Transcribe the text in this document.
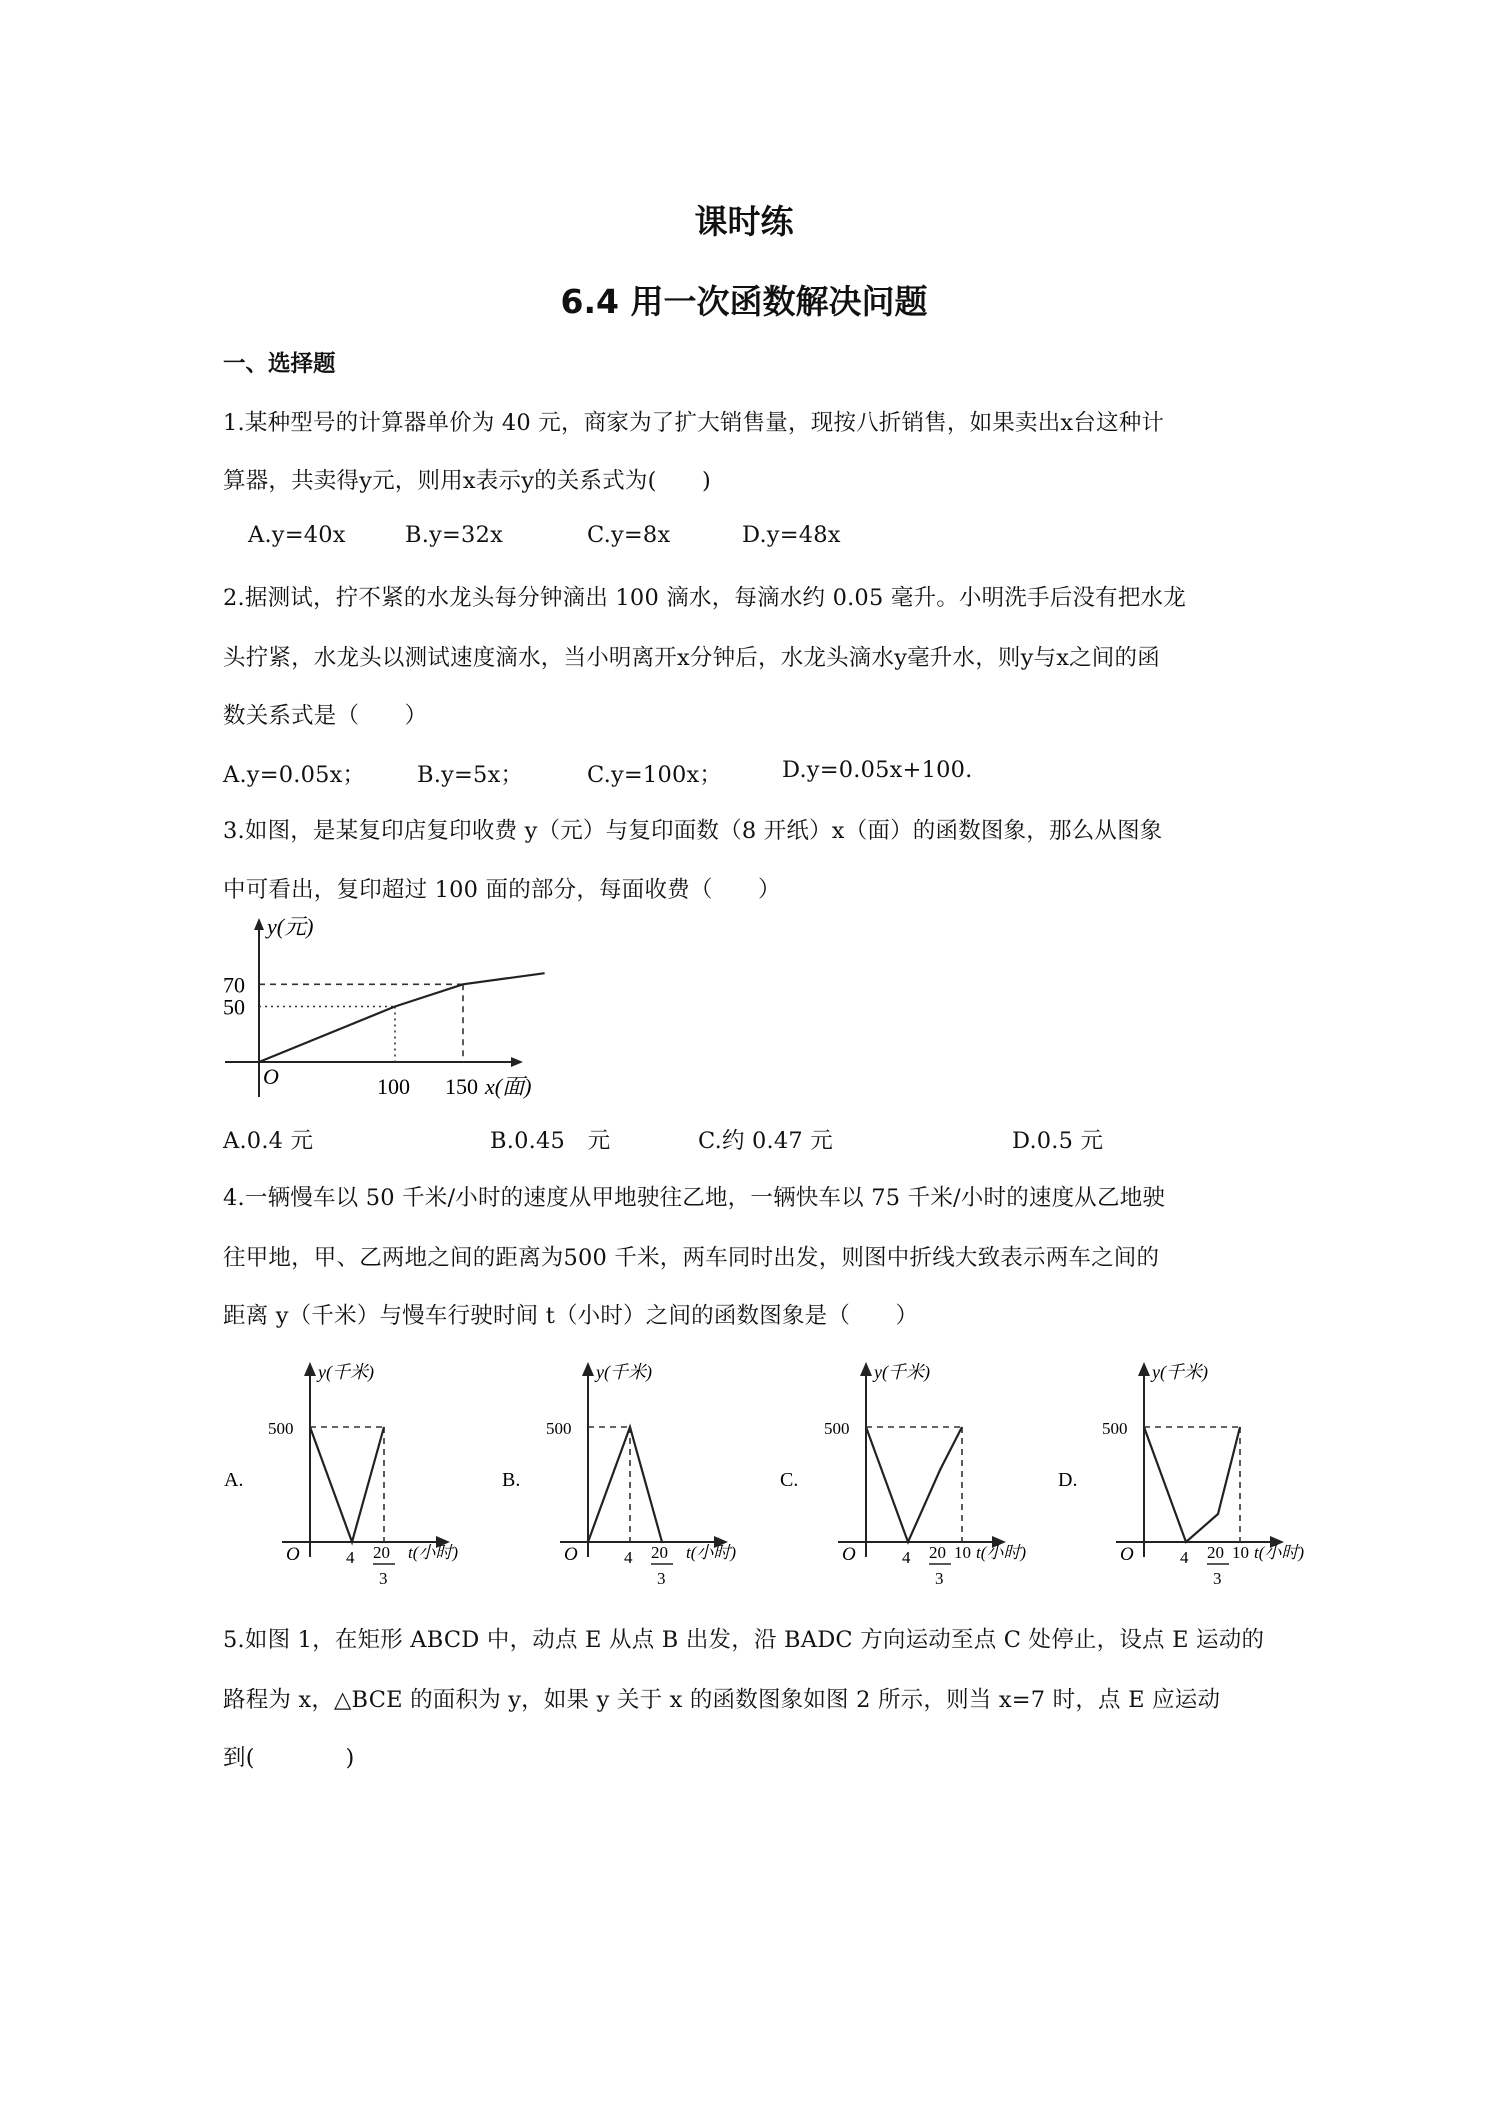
课时练
6.4 用一次函数解决问题
一、选择题
1.某种型号的计算器单价为 40 元，商家为了扩大销售量，现按八折销售，如果卖出x台这种计
算器，共卖得y元，则用x表示y的关系式为(　　)
A.y=40x	B.y=32x	C.y=8x	D.y=48x
2.据测试，拧不紧的水龙头每分钟滴出 100 滴水，每滴水约 0.05 毫升。小明洗手后没有把水龙
头拧紧，水龙头以测试速度滴水，当小明离开x分钟后，水龙头滴水y毫升水，则y与x之间的函
数关系式是（　　）
A.y=0.05x； B.y=5x；	C.y=100x；	D.y=0.05x+100.
3.如图，是某复印店复印收费 y（元）与复印面数（8 开纸）x（面）的函数图象，那么从图象
中可看出，复印超过 100 面的部分，每面收费（　　）
y(元)
x(面)
O
70
50
100 150
A.0.4 元	B.0.45　元	C.约 0.47 元	D.0.5 元
4.一辆慢车以 50 千米/小时的速度从甲地驶往乙地，一辆快车以 75 千米/小时的速度从乙地驶
往甲地，甲、乙两地之间的距离为500 千米，两车同时出发，则图中折线大致表示两车之间的
距离 y（千米）与慢车行驶时间 t（小时）之间的函数图象是（　　）
A.
y(千米)
500
O	4 20
3
t(小时)
B.
y(千米)
500
O	4 20
3
t(小时)
C.
y(千米)
500
O	4 20
3
10 t(小时)
D.
y(千米)
500
O	4 20
3
10 t(小时)
5.如图 1，在矩形 ABCD 中，动点 E 从点 B 出发，沿 BADC 方向运动至点 C 处停止，设点 E 运动的
路程为 x，△BCE 的面积为 y，如果 y 关于 x 的函数图象如图 2 所示，则当 x=7 时，点 E 应运动
到(　　　　)
